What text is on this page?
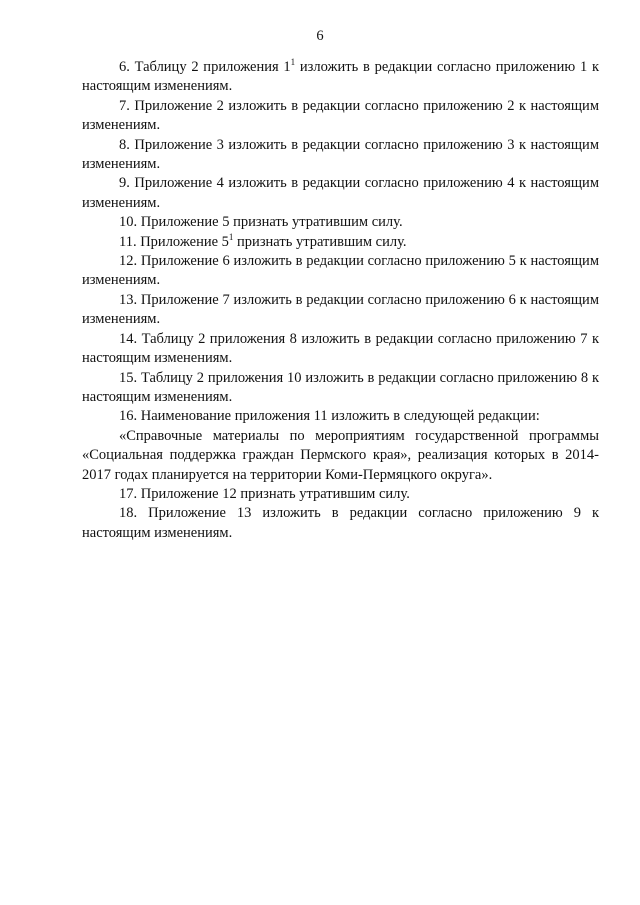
6

6. Таблицу 2 приложения $1^1$ изложить в редакции согласно приложению 1 к настоящим изменениям.

7. Приложение 2 изложить в редакции согласно приложению 2 к настоящим изменениям.

8. Приложение 3 изложить в редакции согласно приложению 3 к настоящим изменениям.

9. Приложение 4 изложить в редакции согласно приложению 4 к настоящим изменениям.

10. Приложение 5 признать утратившим силу.

11. Приложение $5^1$ признать утратившим силу.

12. Приложение 6 изложить в редакции согласно приложению 5 к настоящим изменениям.

13. Приложение 7 изложить в редакции согласно приложению 6 к настоящим изменениям.

14. Таблицу 2 приложения 8 изложить в редакции согласно приложению 7 к настоящим изменениям.

15. Таблицу 2 приложения 10 изложить в редакции согласно приложению 8 к настоящим изменениям.

16. Наименование приложения 11 изложить в следующей редакции:

«Справочные материалы по мероприятиям государственной программы «Социальная поддержка граждан Пермского края», реализация которых в 2014-2017 годах планируется на территории Коми-Пермяцкого округа».

17. Приложение 12 признать утратившим силу.

18. Приложение 13 изложить в редакции согласно приложению 9 к настоящим изменениям.
